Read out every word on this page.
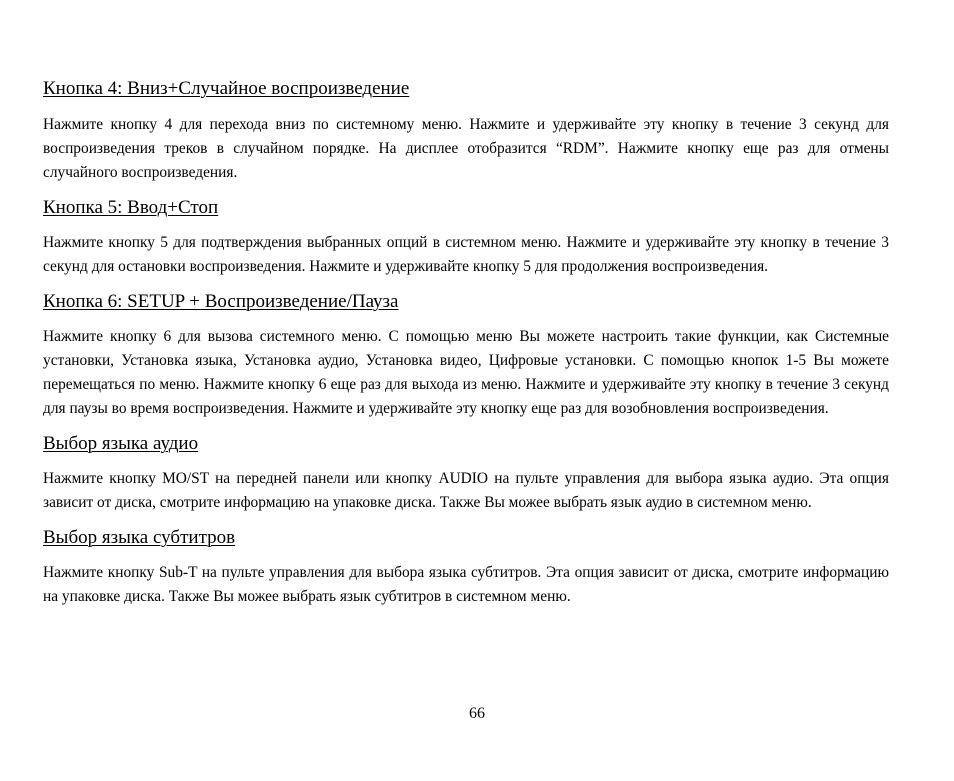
Кнопка 4: Вниз+Случайное воспроизведение

Нажмите кнопку 4 для перехода вниз по системному меню. Нажмите и удерживайте эту кнопку в течение 3 секунд для воспроизведения треков в случайном порядке. На дисплее отобразится “RDM”. Нажмите кнопку еще раз для отмены случайного воспроизведения.

Кнопка 5: Ввод+Стоп

Нажмите кнопку 5 для подтверждения выбранных опций в системном меню. Нажмите и удерживайте эту кнопку в течение 3 секунд для остановки воспроизведения. Нажмите и удерживайте кнопку 5 для продолжения воспроизведения.

Кнопка 6: SETUP + Воспроизведение/Пауза

Нажмите кнопку 6 для вызова системного меню. С помощью меню Вы можете настроить такие функции, как Системные установки, Установка языка, Установка аудио, Установка видео, Цифровые установки. С помощью кнопок 1-5 Вы можете перемещаться по меню. Нажмите кнопку 6 еще раз для выхода из меню. Нажмите и удерживайте эту кнопку в течение 3 секунд для паузы во время воспроизведения. Нажмите и удерживайте эту кнопку еще раз для возобновления воспроизведения.

Выбор языка аудио

Нажмите кнопку MO/ST на передней панели или кнопку AUDIO на пульте управления для выбора языка аудио. Эта опция зависит от диска, смотрите информацию на упаковке диска. Также Вы можее выбрать язык аудио в системном меню.

Выбор языка субтитров

Нажмите кнопку Sub-T на пульте управления для выбора языка субтитров. Эта опция зависит от диска, смотрите информацию на упаковке диска. Также Вы можее выбрать язык субтитров в системном меню.

66
